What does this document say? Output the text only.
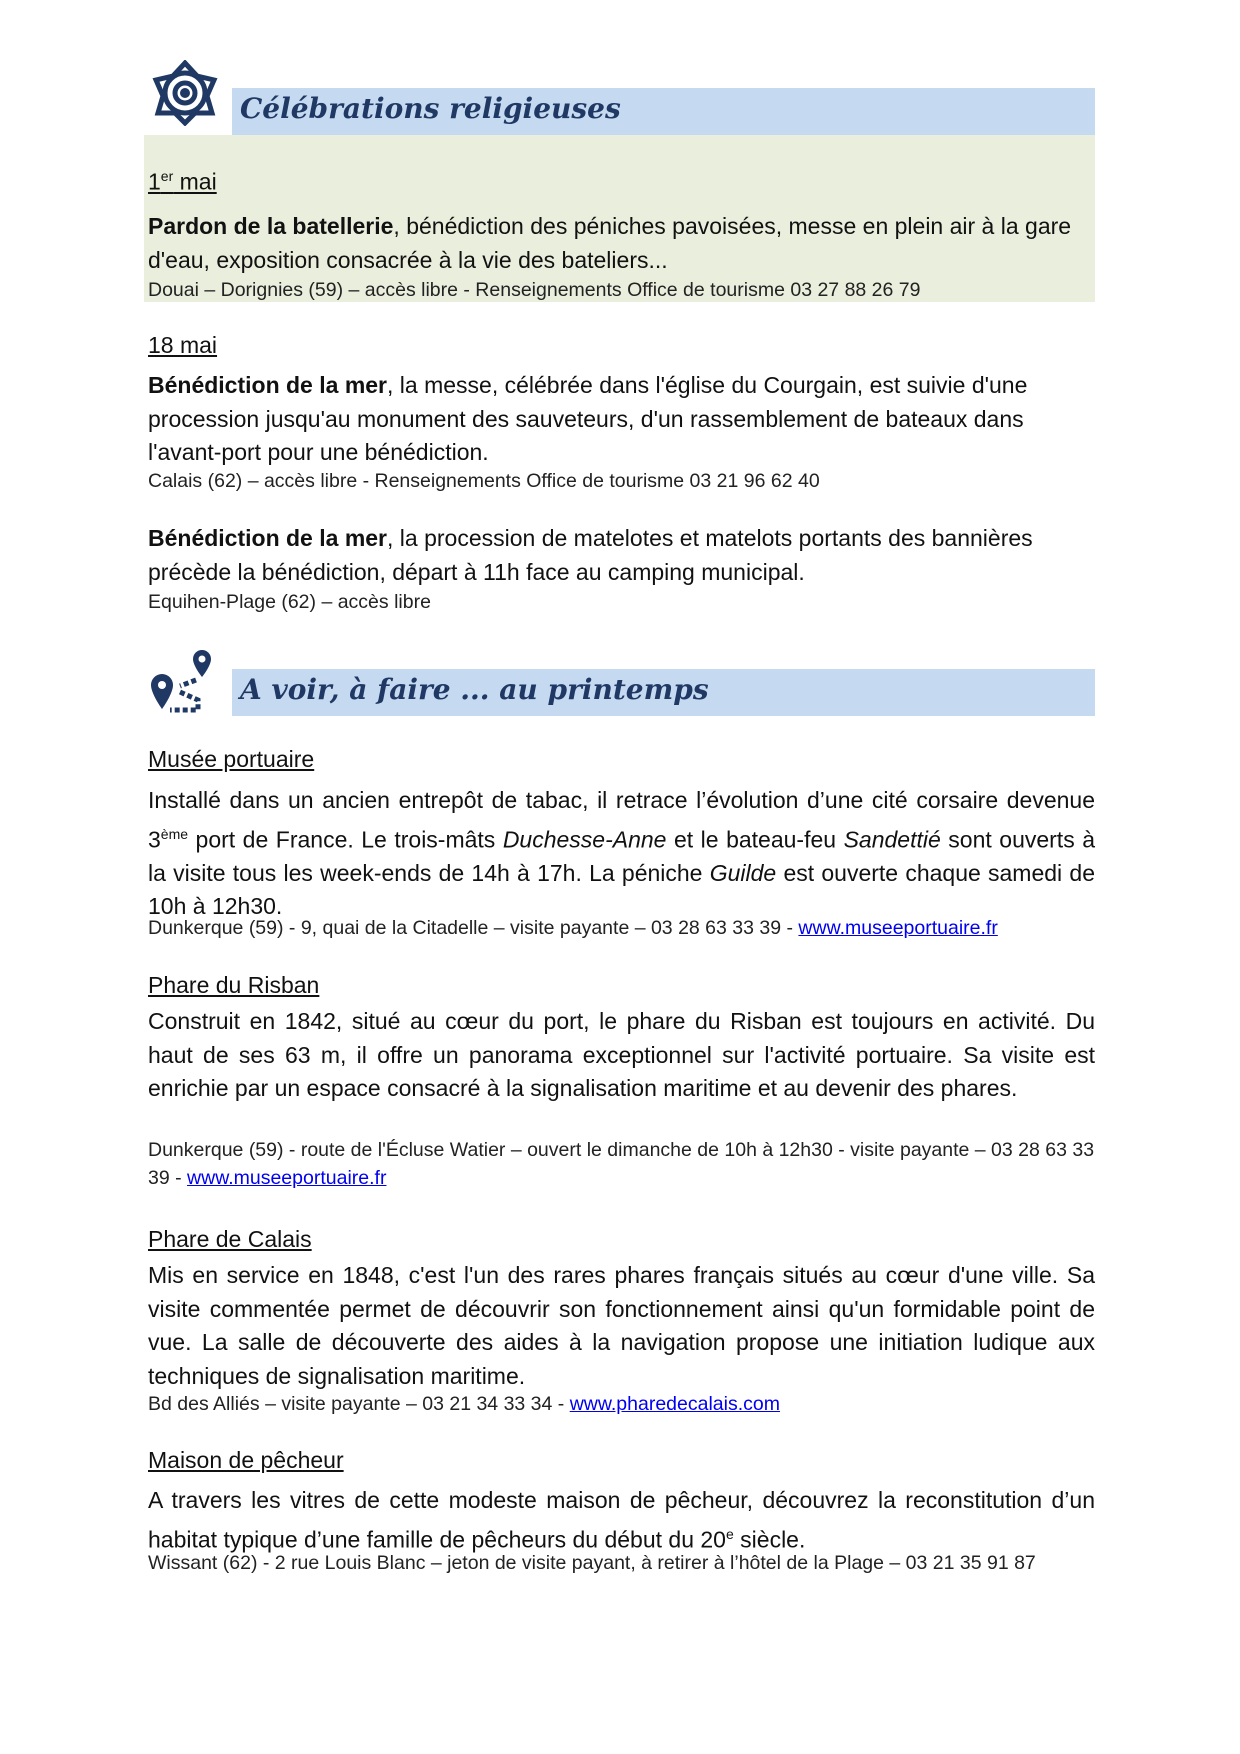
Célébrations religieuses
1er mai
Pardon de la batellerie, bénédiction des péniches pavoisées, messe en plein air à la gare d'eau, exposition consacrée à la vie des bateliers...
Douai – Dorignies (59) – accès libre - Renseignements Office de tourisme 03 27 88 26 79
18 mai
Bénédiction de la mer, la messe, célébrée dans l'église du Courgain, est suivie d'une procession jusqu'au monument des sauveteurs, d'un rassemblement de bateaux dans l'avant-port pour une bénédiction.
Calais (62) – accès libre - Renseignements Office de tourisme 03 21 96 62 40
Bénédiction de la mer, la procession de matelotes et matelots portants des bannières précède la bénédiction, départ à 11h face au camping municipal.
Equihen-Plage (62) – accès libre
A voir, à faire ... au printemps
Musée portuaire
Installé dans un ancien entrepôt de tabac, il retrace l’évolution d’une cité corsaire devenue 3ème port de France. Le trois-mâts Duchesse-Anne et le bateau-feu Sandettié sont ouverts à la visite tous les week-ends de 14h à 17h. La péniche Guilde est ouverte chaque samedi de 10h à 12h30.
Dunkerque (59) - 9, quai de la Citadelle – visite payante – 03 28 63 33 39 - www.museeportuaire.fr
Phare du Risban
Construit en 1842, situé au cœur du port, le phare du Risban est toujours en activité. Du haut de ses 63 m, il offre un panorama exceptionnel sur l'activité portuaire. Sa visite est enrichie par un espace consacré à la signalisation maritime et au devenir des phares.
Dunkerque (59) - route de l'Écluse Watier – ouvert le dimanche de 10h à 12h30 - visite payante – 03 28 63 33 39 - www.museeportuaire.fr
Phare de Calais
Mis en service en 1848, c'est l'un des rares phares français situés au cœur d'une ville. Sa visite commentée permet de découvrir son fonctionnement ainsi qu'un formidable point de vue. La salle de découverte des aides à la navigation propose une initiation ludique aux techniques de signalisation maritime.
Bd des Alliés – visite payante – 03 21 34 33 34 - www.pharedecalais.com
Maison de pêcheur
A travers les vitres de cette modeste maison de pêcheur, découvrez la reconstitution d’un habitat typique d’une famille de pêcheurs du début du 20e siècle.
Wissant (62) - 2 rue Louis Blanc – jeton de visite payant, à retirer à l’hôtel de la Plage – 03 21 35 91 87
